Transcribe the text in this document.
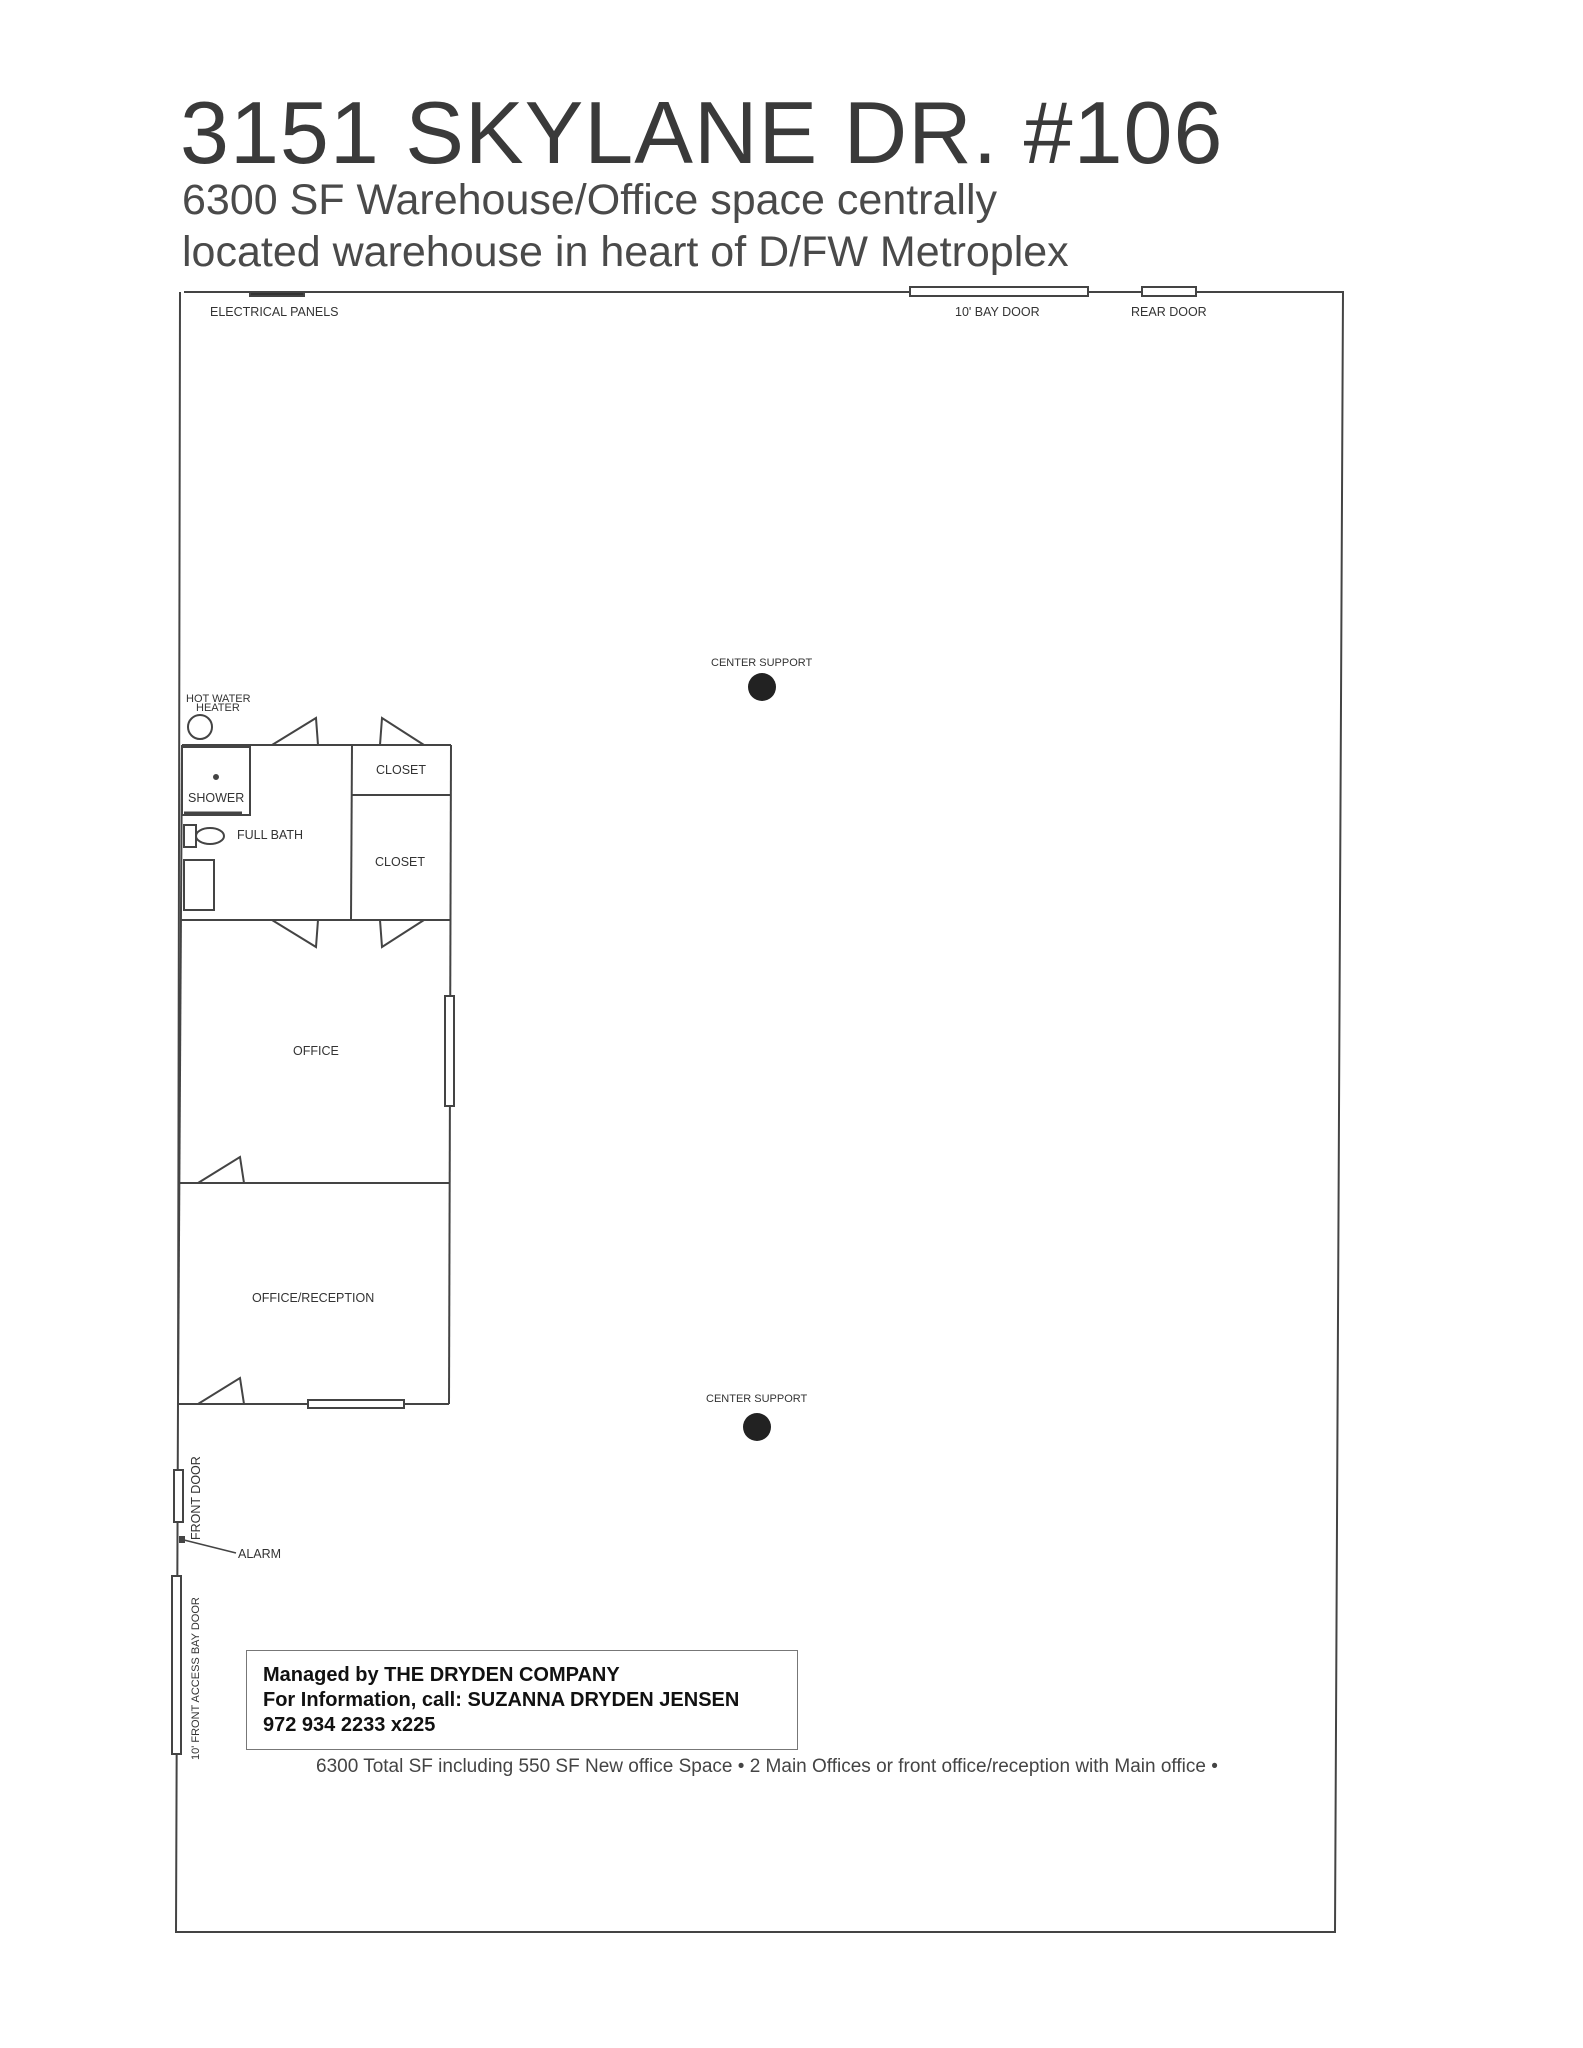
3151 SKYLANE DR. #106
6300 SF Warehouse/Office space centrally
located warehouse in heart of D/FW Metroplex
ELECTRICAL PANELS	10' BAY DOOR	REAR DOOR
CENTER SUPPORT
CENTER SUPPORT
HOT WATER
HEATER
SHOWER
FULL BATH
CLOSET
CLOSET
OFFICE
OFFICE/RECEPTION
ALARM
FRONT DOOR
10' FRONT ACCESS BAY DOOR	Managed by THE DRYDEN COMPANY
For Information, call: SUZANNA DRYDEN JENSEN
972 934 2233 x225
6300 Total SF including 550 SF New office Space • 2 Main Offices or front office/reception with Main office •
